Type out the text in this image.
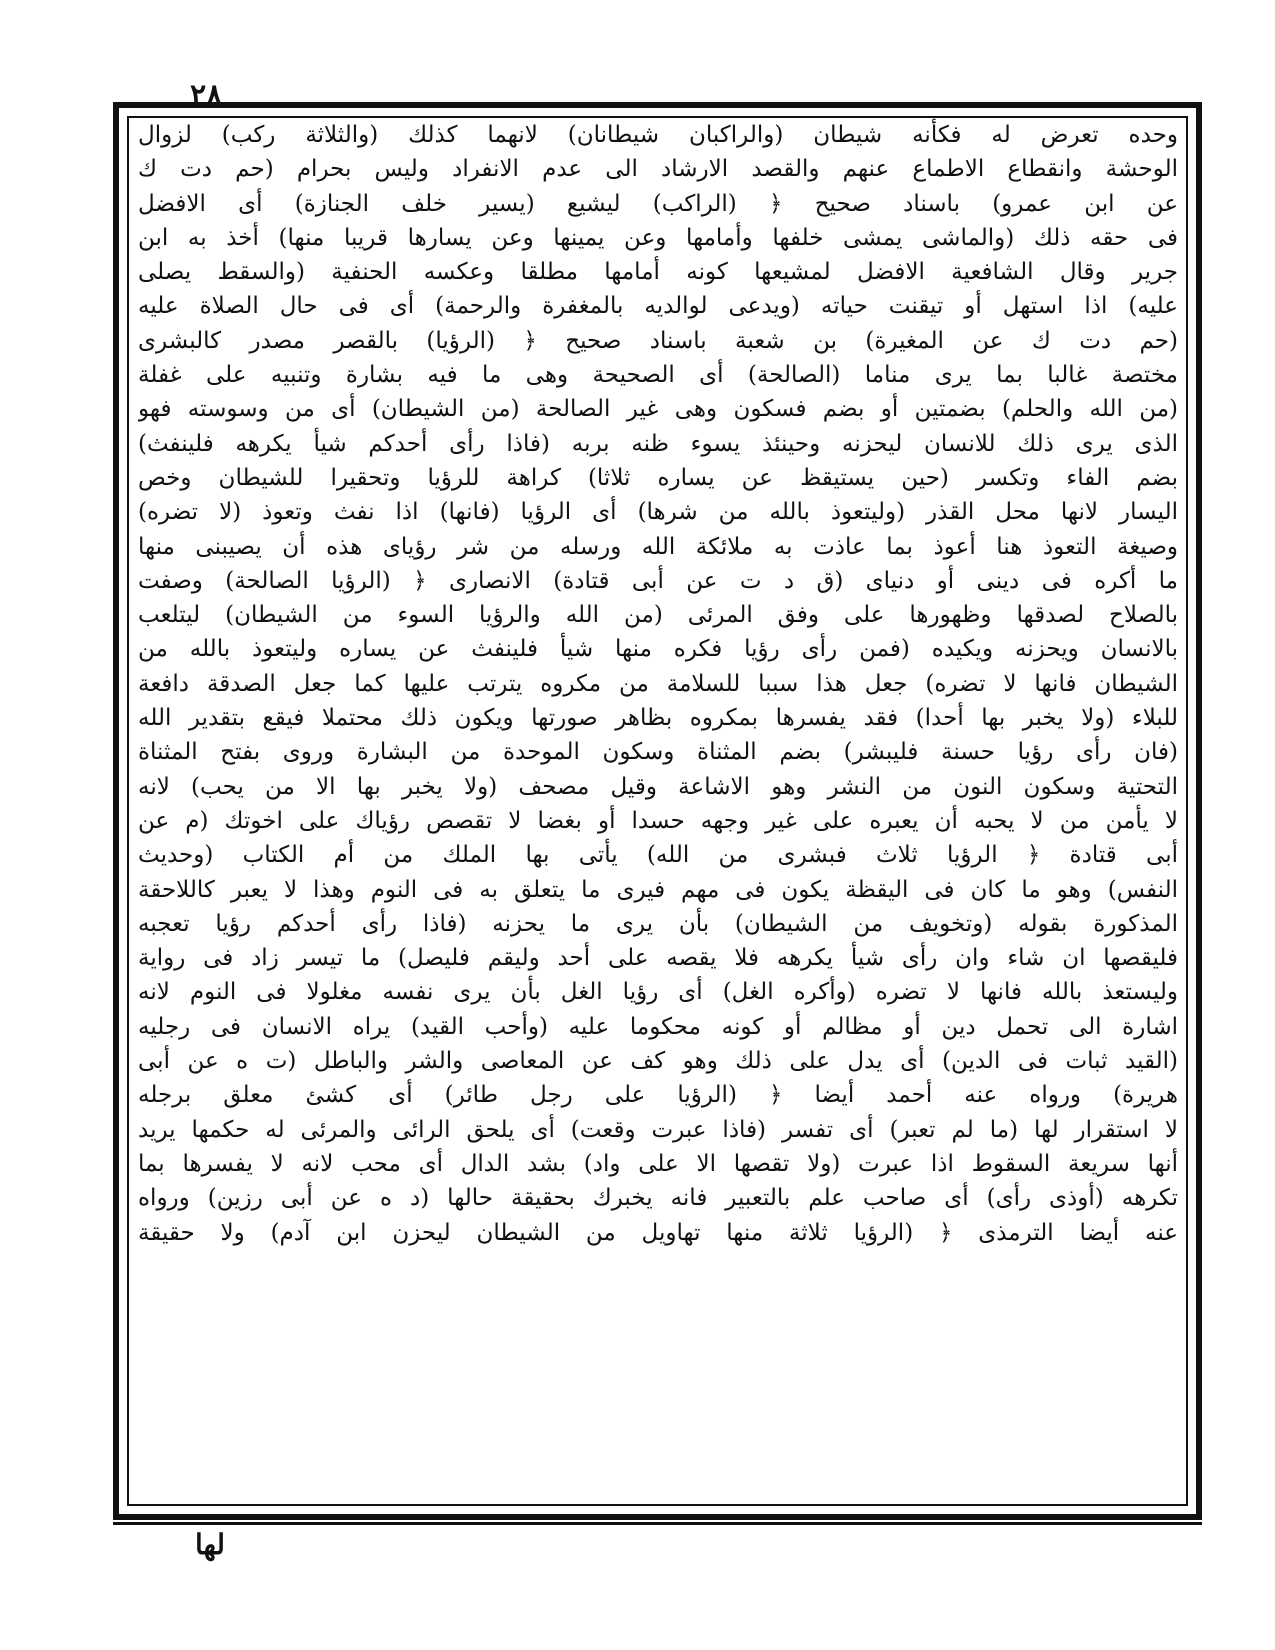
٢٨
وحده تعرض له فكأنه شيطان (والراكبان شيطانان) لانهما كذلك (والثلاثة ركب) لزوال
الوحشة وانقطاع الاطماع عنهم والقصد الارشاد الى عدم الانفراد وليس بحرام (حم دت ك
عن ابن عمرو) باسناد صحيح ﴿ (الراكب) ليشيع (يسير خلف الجنازة) أى الافضل
فى حقه ذلك (والماشى يمشى خلفها وأمامها وعن يمينها وعن يسارها قريبا منها) أخذ به ابن
جرير وقال الشافعية الافضل لمشيعها كونه أمامها مطلقا وعكسه الحنفية (والسقط يصلى
عليه) اذا استهل أو تيقنت حياته (ويدعى لوالديه بالمغفرة والرحمة) أى فى حال الصلاة عليه
(حم دت ك عن المغيرة) بن شعبة باسناد صحيح ﴿ (الرؤيا) بالقصر مصدر كالبشرى
مختصة غالبا بما يرى مناما (الصالحة) أى الصحيحة وهى ما فيه بشارة وتنبيه على غفلة
(من الله والحلم) بضمتين أو بضم فسكون وهى غير الصالحة (من الشيطان) أى من وسوسته فهو
الذى يرى ذلك للانسان ليحزنه وحينئذ يسوء ظنه بربه (فاذا رأى أحدكم شيأ يكرهه فلينفث)
بضم الفاء وتكسر (حين يستيقظ عن يساره ثلاثا) كراهة للرؤيا وتحقيرا للشيطان وخص
اليسار لانها محل القذر (وليتعوذ بالله من شرها) أى الرؤيا (فانها) اذا نفث وتعوذ (لا تضره)
وصيغة التعوذ هنا أعوذ بما عاذت به ملائكة الله ورسله من شر رؤياى هذه أن يصيبنى منها
ما أكره فى دينى أو دنياى (ق د ت عن أبى قتادة) الانصارى ﴿ (الرؤيا الصالحة) وصفت
بالصلاح لصدقها وظهورها على وفق المرئى (من الله والرؤيا السوء من الشيطان) ليتلعب
بالانسان ويحزنه ويكيده (فمن رأى رؤيا فكره منها شيأ فلينفث عن يساره وليتعوذ بالله من
الشيطان فانها لا تضره) جعل هذا سببا للسلامة من مكروه يترتب عليها كما جعل الصدقة دافعة
للبلاء (ولا يخبر بها أحدا) فقد يفسرها بمكروه بظاهر صورتها ويكون ذلك محتملا فيقع بتقدير الله
(فان رأى رؤيا حسنة فليبشر) بضم المثناة وسكون الموحدة من البشارة وروى بفتح المثناة
التحتية وسكون النون من النشر وهو الاشاعة وقيل مصحف (ولا يخبر بها الا من يحب) لانه
لا يأمن من لا يحبه أن يعبره على غير وجهه حسدا أو بغضا لا تقصص رؤياك على اخوتك (م عن
أبى قتادة ﴿ الرؤيا ثلاث فبشرى من الله) يأتى بها الملك من أم الكتاب (وحديث
النفس) وهو ما كان فى اليقظة يكون فى مهم فيرى ما يتعلق به فى النوم وهذا لا يعبر كاللاحقة
المذكورة بقوله (وتخويف من الشيطان) بأن يرى ما يحزنه (فاذا رأى أحدكم رؤيا تعجبه
فليقصها ان شاء وان رأى شيأ يكرهه فلا يقصه على أحد وليقم فليصل) ما تيسر زاد فى رواية
وليستعذ بالله فانها لا تضره (وأكره الغل) أى رؤيا الغل بأن يرى نفسه مغلولا فى النوم لانه
اشارة الى تحمل دين أو مظالم أو كونه محكوما عليه (وأحب القيد) يراه الانسان فى رجليه
(القيد ثبات فى الدين) أى يدل على ذلك وهو كف عن المعاصى والشر والباطل (ت ه عن أبى
هريرة) ورواه عنه أحمد أيضا ﴿ (الرؤيا على رجل طائر) أى كشئ معلق برجله
لا استقرار لها (ما لم تعبر) أى تفسر (فاذا عبرت وقعت) أى يلحق الرائى والمرئى له حكمها يريد
أنها سريعة السقوط اذا عبرت (ولا تقصها الا على واد) بشد الدال أى محب لانه لا يفسرها بما
تكرهه (أوذى رأى) أى صاحب علم بالتعبير فانه يخبرك بحقيقة حالها (د ه عن أبى رزين) ورواه
عنه أيضا الترمذى ﴿ (الرؤيا ثلاثة منها تهاويل من الشيطان ليحزن ابن آدم) ولا حقيقة
لها
